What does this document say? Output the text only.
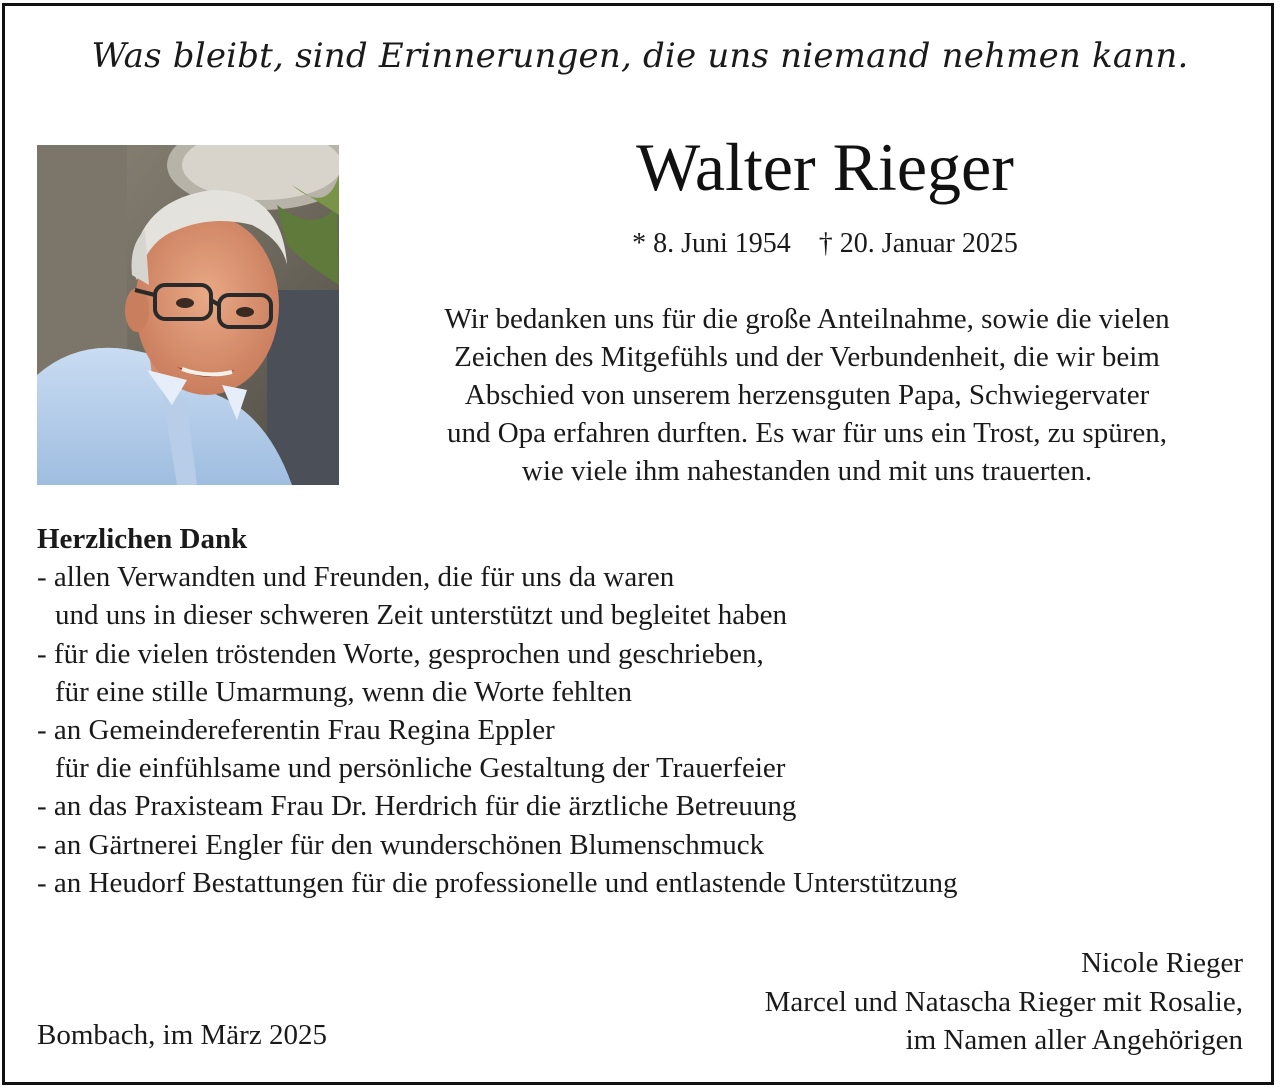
Was bleibt, sind Erinnerungen, die uns niemand nehmen kann.
Walter Rieger
* 8. Juni 1954 † 20. Januar 2025
Wir bedanken uns für die große Anteilnahme, sowie die vielen
Zeichen des Mitgefühls und der Verbundenheit, die wir beim
Abschied von unserem herzensguten Papa, Schwiegervater
und Opa erfahren durften. Es war für uns ein Trost, zu spüren,
wie viele ihm nahestanden und mit uns trauerten.
Herzlichen Dank
- allen Verwandten und Freunden, die für uns da waren
und uns in dieser schweren Zeit unterstützt und begleitet haben
- für die vielen tröstenden Worte, gesprochen und geschrieben,
für eine stille Umarmung, wenn die Worte fehlten
- an Gemeindereferentin Frau Regina Eppler
für die einfühlsame und persönliche Gestaltung der Trauerfeier
- an das Praxisteam Frau Dr. Herdrich für die ärztliche Betreuung
- an Gärtnerei Engler für den wunderschönen Blumenschmuck
- an Heudorf Bestattungen für die professionelle und entlastende Unterstützung
Bombach, im März 2025
Nicole Rieger
Marcel und Natascha Rieger mit Rosalie,
im Namen aller Angehörigen
